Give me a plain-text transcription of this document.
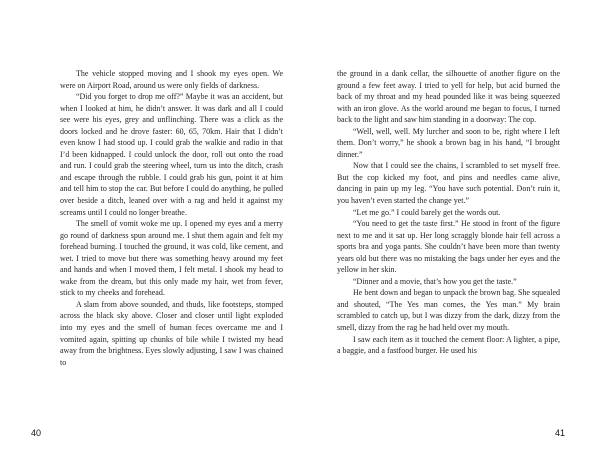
The vehicle stopped moving and I shook my eyes open. We were on Airport Road, around us were only fields of darkness.

“Did you forget to drop me off?” Maybe it was an accident, but when I looked at him, he didn’t answer. It was dark and all I could see were his eyes, grey and unflinching. There was a click as the doors locked and he drove faster: 60, 65, 70km. Hair that I didn’t even know I had stood up. I could grab the walkie and radio in that I’d been kidnapped. I could unlock the door, roll out onto the road and run. I could grab the steering wheel, turn us into the ditch, crash and escape through the rubble. I could grab his gun, point it at him and tell him to stop the car. But before I could do anything, he pulled over beside a ditch, leaned over with a rag and held it against my screams until I could no longer breathe.

The smell of vomit woke me up. I opened my eyes and a merry go round of darkness spun around me. I shut them again and felt my forehead burning. I touched the ground, it was cold, like cement, and wet. I tried to move but there was something heavy around my feet and hands and when I moved them, I felt metal. I shook my head to wake from the dream, but this only made my hair, wet from fever, stick to my cheeks and forehead.

A slam from above sounded, and thuds, like footsteps, stomped across the black sky above. Closer and closer until light exploded into my eyes and the smell of human feces overcame me and I vomited again, spitting up chunks of bile while I twisted my head away from the brightness. Eyes slowly adjusting, I saw I was chained to

40

the ground in a dank cellar, the silhouette of another figure on the ground a few feet away. I tried to yell for help, but acid burned the back of my throat and my head pounded like it was being squeezed with an iron glove. As the world around me began to focus, I turned back to the light and saw him standing in a doorway: The cop.

“Well, well, well. My lurcher and soon to be, right where I left them. Don’t worry,” he shook a brown bag in his hand, “I brought dinner.”

Now that I could see the chains, I scrambled to set myself free. But the cop kicked my foot, and pins and needles came alive, dancing in pain up my leg. “You have such potential. Don’t ruin it, you haven’t even started the change yet.”

“Let me go.” I could barely get the words out.

“You need to get the taste first.” He stood in front of the figure next to me and it sat up. Her long scraggly blonde hair fell across a sports bra and yoga pants. She couldn’t have been more than twenty years old but there was no mistaking the bags under her eyes and the yellow in her skin.

“Dinner and a movie, that’s how you get the taste.”

He bent down and began to unpack the brown bag. She squealed and shouted, “The Yes man comes, the Yes man.” My brain scrambled to catch up, but I was dizzy from the dark, dizzy from the smell, dizzy from the rag he had held over my mouth.

I saw each item as it touched the cement floor: A lighter, a pipe, a baggie, and a fastfood burger. He used his

41
